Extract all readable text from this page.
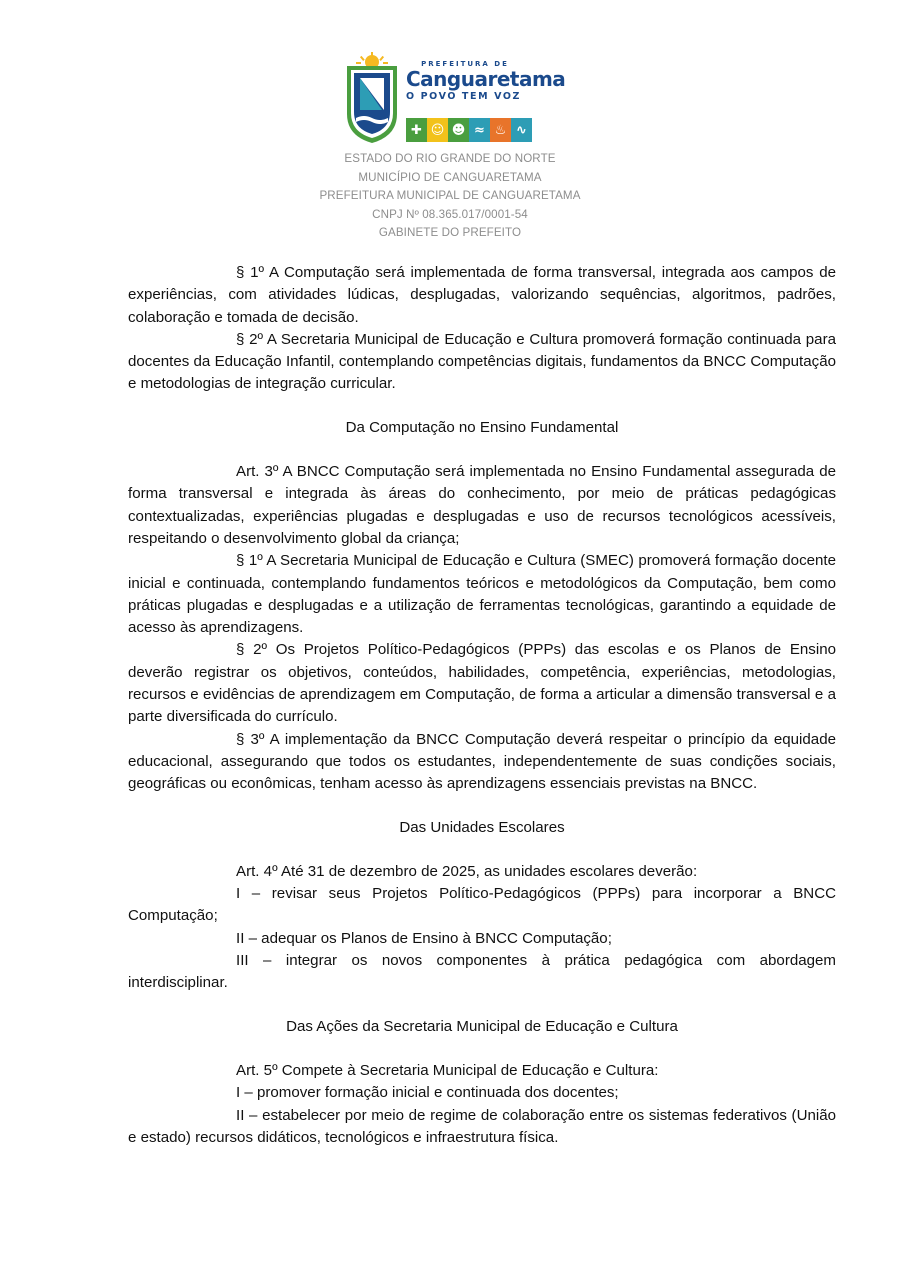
PREFEITURA DE
Canguaretama
O POVO TEM VOZ
✚ ☺ ☻ ≈ ♨ ∿
ESTADO DO RIO GRANDE DO NORTE
MUNICÍPIO DE CANGUARETAMA
PREFEITURA MUNICIPAL DE CANGUARETAMA
CNPJ Nº 08.365.017/0001-54
GABINETE DO PREFEITO

§ 1º A Computação será implementada de forma transversal, integrada aos campos de experiências, com atividades lúdicas, desplugadas, valorizando sequências, algoritmos, padrões, colaboração e tomada de decisão.

§ 2º A Secretaria Municipal de Educação e Cultura promoverá formação continuada para docentes da Educação Infantil, contemplando competências digitais, fundamentos da BNCC Computação e metodologias de integração curricular.

Da Computação no Ensino Fundamental

Art. 3º A BNCC Computação será implementada no Ensino Fundamental assegurada de forma transversal e integrada às áreas do conhecimento, por meio de práticas pedagógicas contextualizadas, experiências plugadas e desplugadas e uso de recursos tecnológicos acessíveis, respeitando o desenvolvimento global da criança;

§ 1º A Secretaria Municipal de Educação e Cultura (SMEC) promoverá formação docente inicial e continuada, contemplando fundamentos teóricos e metodológicos da Computação, bem como práticas plugadas e desplugadas e a utilização de ferramentas tecnológicas, garantindo a equidade de acesso às aprendizagens.

§ 2º Os Projetos Político-Pedagógicos (PPPs) das escolas e os Planos de Ensino deverão registrar os objetivos, conteúdos, habilidades, competência, experiências, metodologias, recursos e evidências de aprendizagem em Computação, de forma a articular a dimensão transversal e a parte diversificada do currículo.

§ 3º A implementação da BNCC Computação deverá respeitar o princípio da equidade educacional, assegurando que todos os estudantes, independentemente de suas condições sociais, geográficas ou econômicas, tenham acesso às aprendizagens essenciais previstas na BNCC.

Das Unidades Escolares

Art. 4º Até 31 de dezembro de 2025, as unidades escolares deverão:

I – revisar seus Projetos Político-Pedagógicos (PPPs) para incorporar a BNCC Computação;

II – adequar os Planos de Ensino à BNCC Computação;

III – integrar os novos componentes à prática pedagógica com abordagem interdisciplinar.

Das Ações da Secretaria Municipal de Educação e Cultura

Art. 5º Compete à Secretaria Municipal de Educação e Cultura:

I – promover formação inicial e continuada dos docentes;

II – estabelecer por meio de regime de colaboração entre os sistemas federativos (União e estado) recursos didáticos, tecnológicos e infraestrutura física.
